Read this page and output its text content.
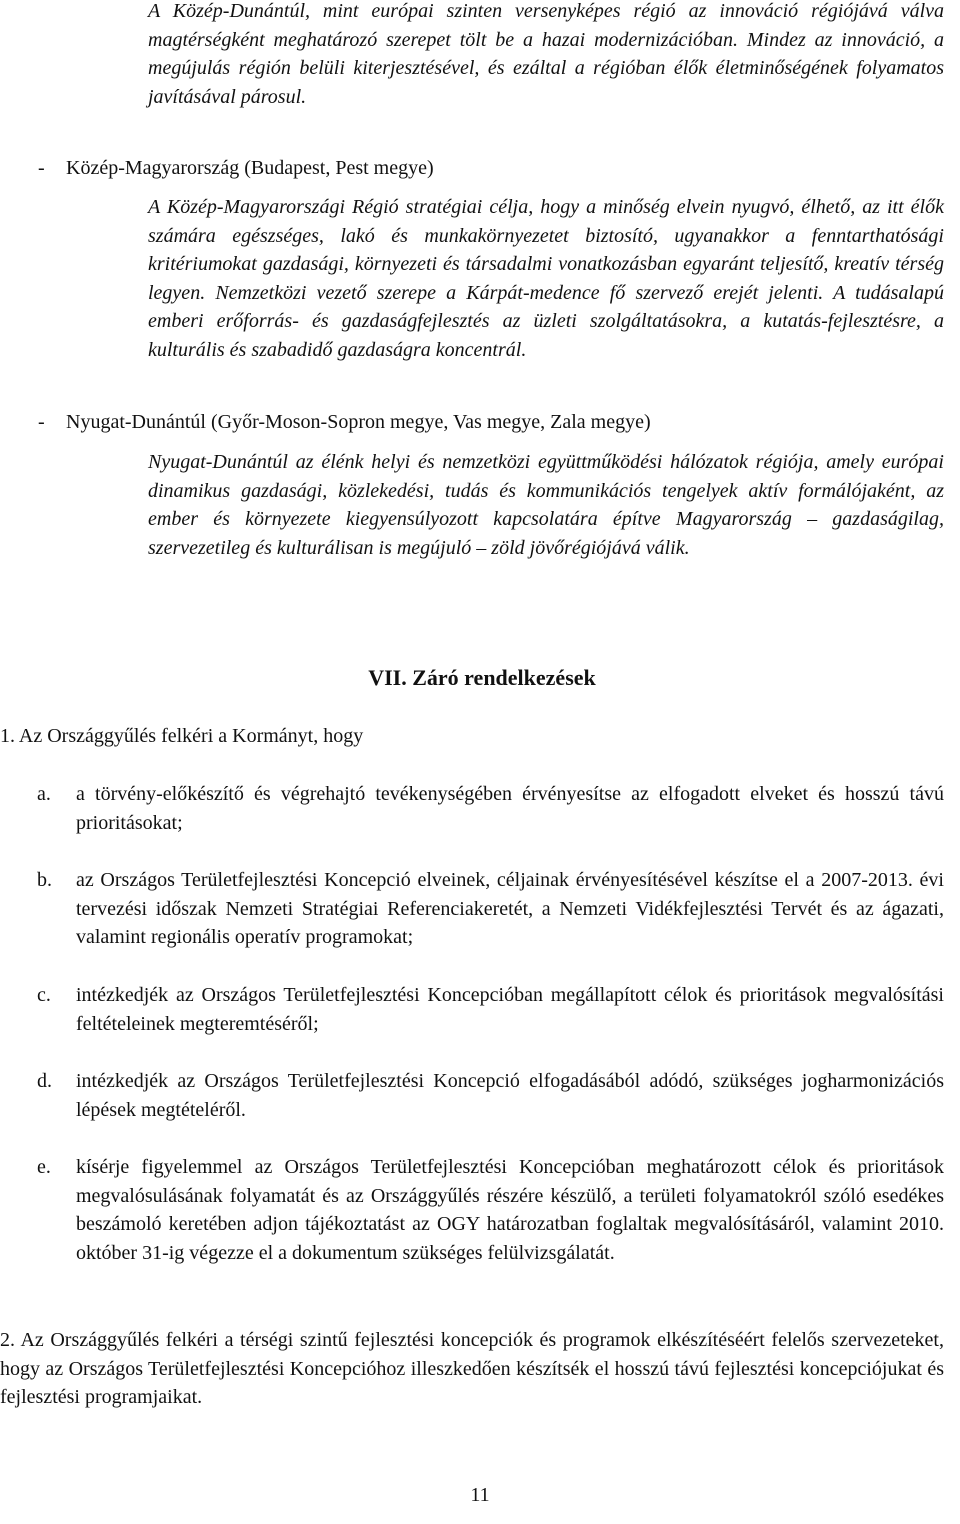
A Közép-Dunántúl, mint európai szinten versenyképes régió az innováció régiójává válva magtérségként meghatározó szerepet tölt be a hazai modernizációban. Mindez az innováció, a megújulás régión belüli kiterjesztésével, és ezáltal a régióban élők életminőségének folyamatos javításával párosul.

- Közép-Magyarország (Budapest, Pest megye)

A Közép-Magyarországi Régió stratégiai célja, hogy a minőség elvein nyugvó, élhető, az itt élők számára egészséges, lakó és munkakörnyezetet biztosító, ugyanakkor a fenntarthatósági kritériumokat gazdasági, környezeti és társadalmi vonatkozásban egyaránt teljesítő, kreatív térség legyen. Nemzetközi vezető szerepe a Kárpát-medence fő szervező erejét jelenti. A tudásalapú emberi erőforrás- és gazdaságfejlesztés az üzleti szolgáltatásokra, a kutatás-fejlesztésre, a kulturális és szabadidő gazdaságra koncentrál.

- Nyugat-Dunántúl (Győr-Moson-Sopron megye, Vas megye, Zala megye)

Nyugat-Dunántúl az élénk helyi és nemzetközi együttműködési hálózatok régiója, amely európai dinamikus gazdasági, közlekedési, tudás és kommunikációs tengelyek aktív formálójaként, az ember és környezete kiegyensúlyozott kapcsolatára építve Magyarország – gazdaságilag, szervezetileg és kulturálisan is megújuló – zöld jövőrégiójává válik.

VII. Záró rendelkezések

1. Az Országgyűlés felkéri a Kormányt, hogy

a. a törvény-előkészítő és végrehajtó tevékenységében érvényesítse az elfogadott elveket és hosszú távú prioritásokat;
b. az Országos Területfejlesztési Koncepció elveinek, céljainak érvényesítésével készítse el a 2007-2013. évi tervezési időszak Nemzeti Stratégiai Referenciakeretét, a Nemzeti Vidékfejlesztési Tervét és az ágazati, valamint regionális operatív programokat;
c. intézkedjék az Országos Területfejlesztési Koncepcióban megállapított célok és prioritások megvalósítási feltételeinek megteremtéséről;
d. intézkedjék az Országos Területfejlesztési Koncepció elfogadásából adódó, szükséges jogharmonizációs lépések megtételéről.
e. kísérje figyelemmel az Országos Területfejlesztési Koncepcióban meghatározott célok és prioritások megvalósulásának folyamatát és az Országgyűlés részére készülő, a területi folyamatokról szóló esedékes beszámoló keretében adjon tájékoztatást az OGY határozatban foglaltak megvalósításáról, valamint 2010. október 31-ig végezze el a dokumentum szükséges felülvizsgálatát.

2. Az Országgyűlés felkéri a térségi szintű fejlesztési koncepciók és programok elkészítéséért felelős szervezeteket, hogy az Országos Területfejlesztési Koncepcióhoz illeszkedően készítsék el hosszú távú fejlesztési koncepciójukat és fejlesztési programjaikat.

11
